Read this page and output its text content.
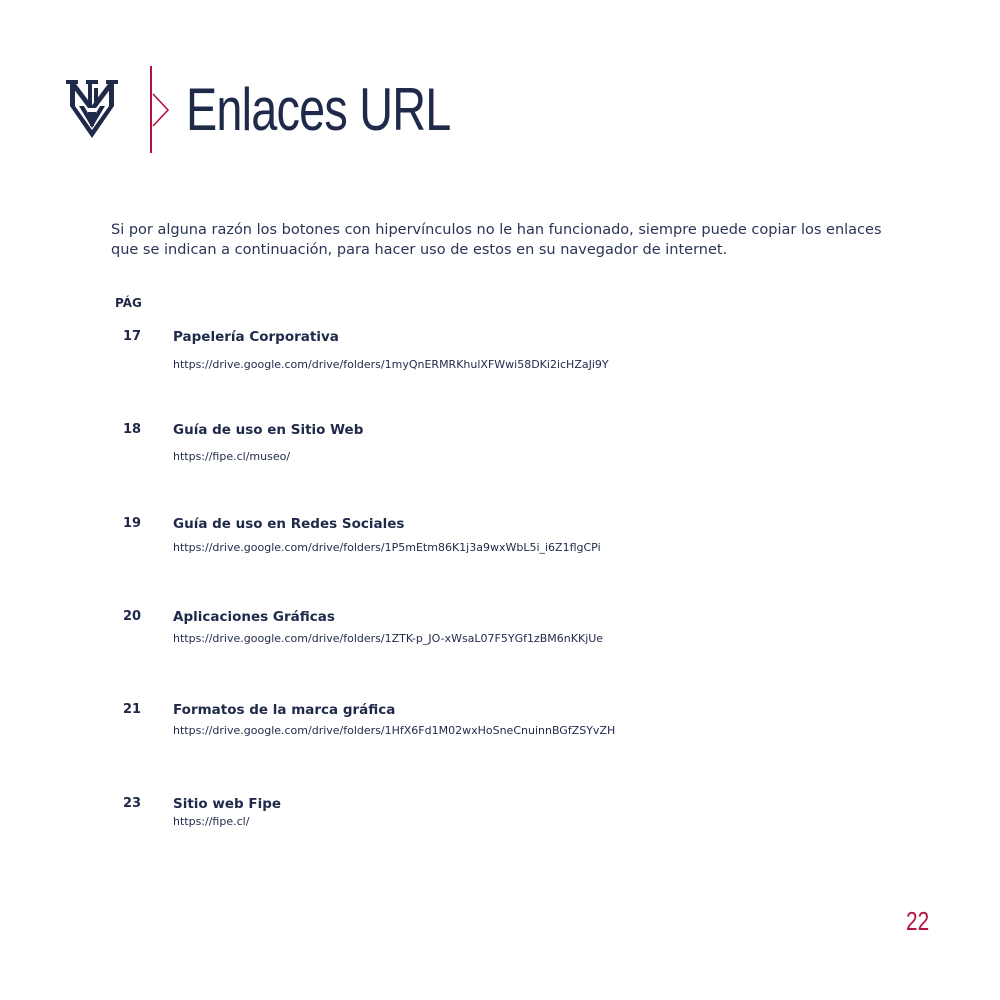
Enlaces URL
Si por alguna razón los botones con hipervínculos no le han funcionado, siempre puede copiar los enlaces que se indican a continuación, para hacer uso de estos en su navegador de internet.
PÁG
17	Papelería Corporativa
https://drive.google.com/drive/folders/1myQnERMRKhulXFWwi58DKi2icHZaJi9Y
18	Guía de uso en Sitio Web
https://fipe.cl/museo/
19	Guía de uso en Redes Sociales
https://drive.google.com/drive/folders/1P5mEtm86K1j3a9wxWbL5i_i6Z1flgCPi
20	Aplicaciones Gráficas
https://drive.google.com/drive/folders/1ZTK-p_JO-xWsaL07F5YGf1zBM6nKKjUe
21	Formatos de la marca gráfica
https://drive.google.com/drive/folders/1HfX6Fd1M02wxHoSneCnuinnBGfZSYvZH
23	Sitio web Fipe
https://fipe.cl/
22
